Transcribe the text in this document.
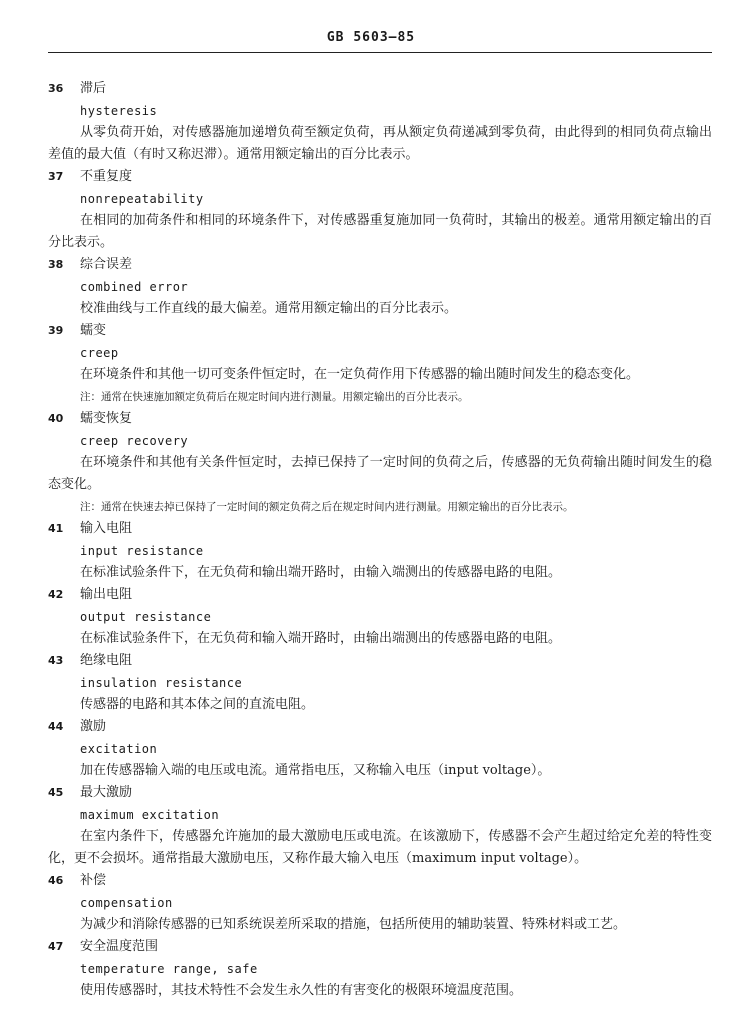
GB 5603—85
36	滞后
hysteresis

从零负荷开始，对传感器施加递增负荷至额定负荷，再从额定负荷递减到零负荷，由此得到的相同负荷点输出差值的最大值（有时又称迟滞）。通常用额定输出的百分比表示。

37	不重复度
nonrepeatability

在相同的加荷条件和相同的环境条件下，对传感器重复施加同一负荷时，其输出的极差。通常用额定输出的百分比表示。

38	综合误差
combined error

校准曲线与工作直线的最大偏差。通常用额定输出的百分比表示。

39	蠕变
creep

在环境条件和其他一切可变条件恒定时，在一定负荷作用下传感器的输出随时间发生的稳态变化。

注：通常在快速施加额定负荷后在规定时间内进行测量。用额定输出的百分比表示。
40	蠕变恢复
creep recovery

在环境条件和其他有关条件恒定时，去掉已保持了一定时间的负荷之后，传感器的无负荷输出随时间发生的稳态变化。

注：通常在快速去掉已保持了一定时间的额定负荷之后在规定时间内进行测量。用额定输出的百分比表示。
41	输入电阻
input resistance

在标准试验条件下，在无负荷和输出端开路时，由输入端测出的传感器电路的电阻。

42	输出电阻
output resistance

在标准试验条件下，在无负荷和输入端开路时，由输出端测出的传感器电路的电阻。

43	绝缘电阻
insulation resistance

传感器的电路和其本体之间的直流电阻。

44	激励
excitation

加在传感器输入端的电压或电流。通常指电压，又称输入电压（input voltage）。

45	最大激励
maximum excitation

在室内条件下，传感器允许施加的最大激励电压或电流。在该激励下，传感器不会产生超过给定允差的特性变化，更不会损坏。通常指最大激励电压，又称作最大输入电压（maximum input voltage）。

46	补偿
compensation

为减少和消除传感器的已知系统误差所采取的措施，包括所使用的辅助装置、特殊材料或工艺。

47	安全温度范围
temperature range, safe

使用传感器时，其技术特性不会发生永久性的有害变化的极限环境温度范围。
